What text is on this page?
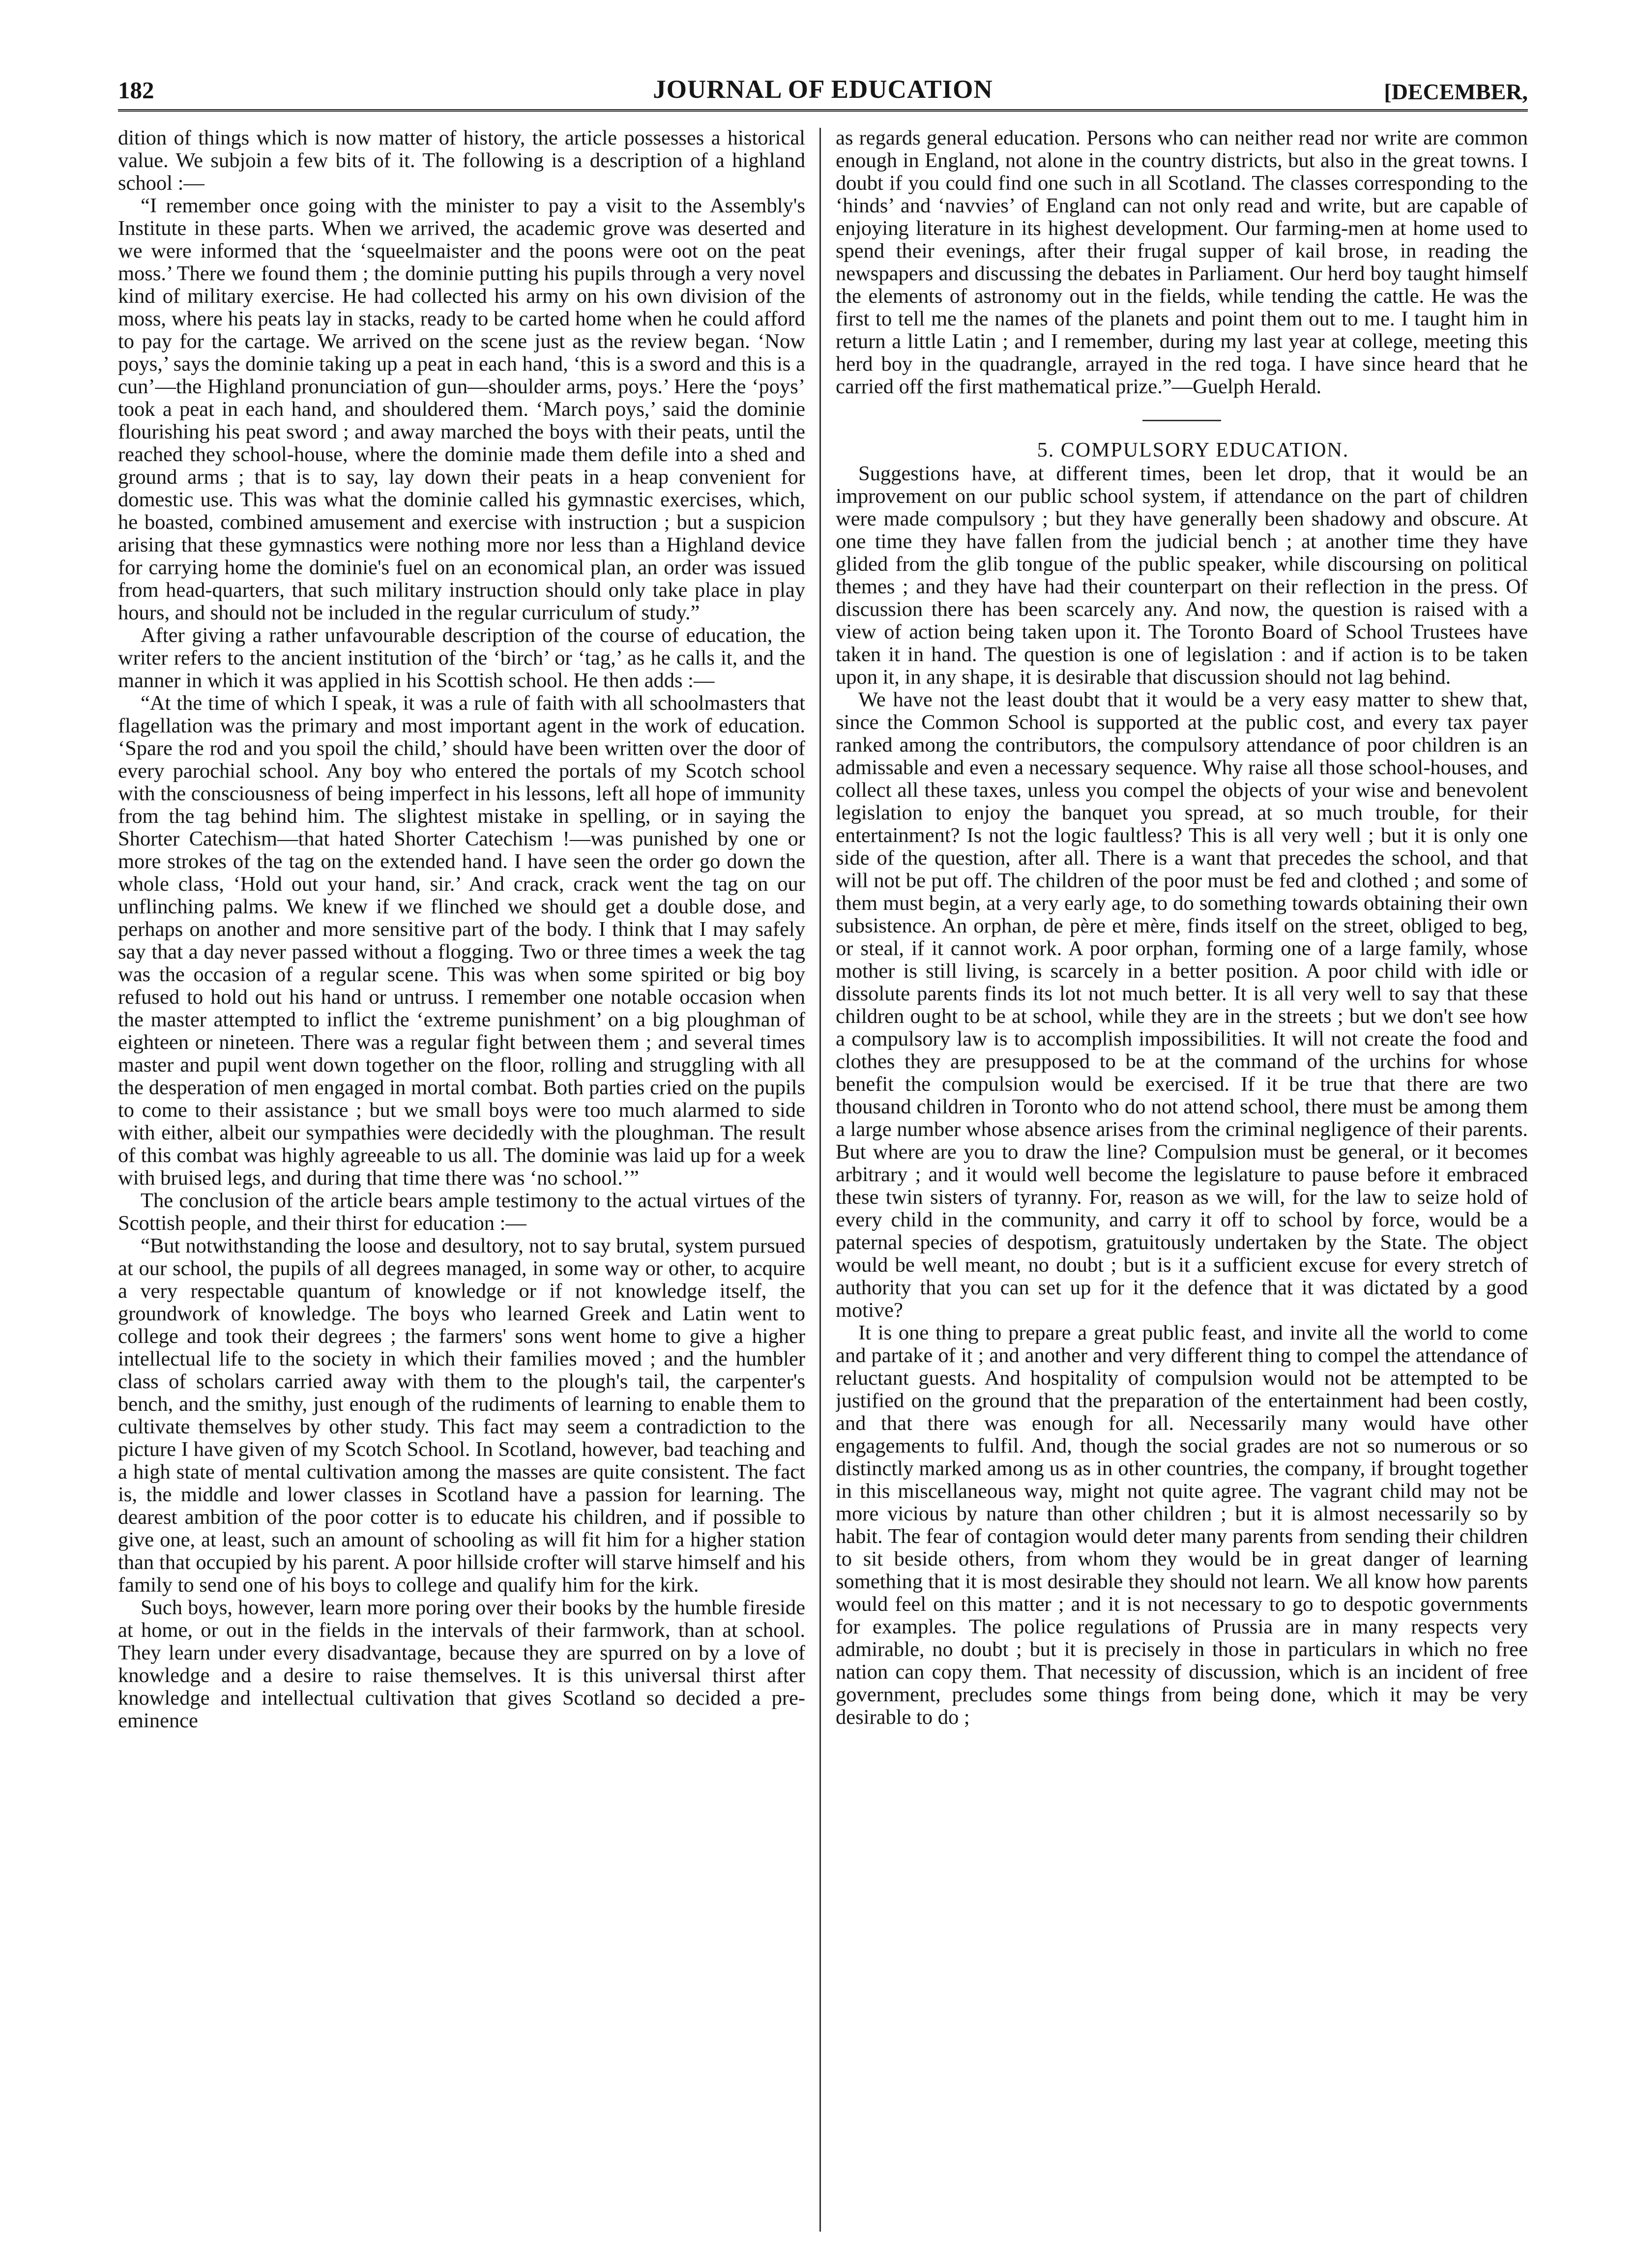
182	JOURNAL OF EDUCATION	[DECEMBER,

dition of things which is now matter of history, the article possesses a historical value. We subjoin a few bits of it. The following is a description of a highland school :—

“I remember once going with the minister to pay a visit to the Assembly's Institute in these parts. When we arrived, the academic grove was deserted and we were informed that the ‘squeelmaister and the poons were oot on the peat moss.’ There we found them ; the dominie putting his pupils through a very novel kind of military exercise. He had collected his army on his own division of the moss, where his peats lay in stacks, ready to be carted home when he could afford to pay for the cartage. We arrived on the scene just as the review began. ‘Now poys,’ says the dominie taking up a peat in each hand, ‘this is a sword and this is a cun’—the Highland pronunciation of gun—shoulder arms, poys.’ Here the ‘poys’ took a peat in each hand, and shouldered them. ‘March poys,’ said the dominie flourishing his peat sword ; and away marched the boys with their peats, until the reached they school-house, where the dominie made them defile into a shed and ground arms ; that is to say, lay down their peats in a heap convenient for domestic use. This was what the dominie called his gymnastic exercises, which, he boasted, combined amusement and exercise with instruction ; but a suspicion arising that these gymnastics were nothing more nor less than a Highland device for carrying home the dominie's fuel on an economical plan, an order was issued from head-quarters, that such military instruction should only take place in play hours, and should not be included in the regular curriculum of study.”

After giving a rather unfavourable description of the course of education, the writer refers to the ancient institution of the ‘birch’ or ‘tag,’ as he calls it, and the manner in which it was applied in his Scottish school. He then adds :—

“At the time of which I speak, it was a rule of faith with all schoolmasters that flagellation was the primary and most important agent in the work of education. ‘Spare the rod and you spoil the child,’ should have been written over the door of every parochial school. Any boy who entered the portals of my Scotch school with the consciousness of being imperfect in his lessons, left all hope of immunity from the tag behind him. The slightest mistake in spelling, or in saying the Shorter Catechism—that hated Shorter Catechism !—was punished by one or more strokes of the tag on the extended hand. I have seen the order go down the whole class, ‘Hold out your hand, sir.’ And crack, crack went the tag on our unflinching palms. We knew if we flinched we should get a double dose, and perhaps on another and more sensitive part of the body. I think that I may safely say that a day never passed without a flogging. Two or three times a week the tag was the occasion of a regular scene. This was when some spirited or big boy refused to hold out his hand or untruss. I remember one notable occasion when the master attempted to inflict the ‘extreme punishment’ on a big ploughman of eighteen or nineteen. There was a regular fight between them ; and several times master and pupil went down together on the floor, rolling and struggling with all the desperation of men engaged in mortal combat. Both parties cried on the pupils to come to their assistance ; but we small boys were too much alarmed to side with either, albeit our sympathies were decidedly with the ploughman. The result of this combat was highly agreeable to us all. The dominie was laid up for a week with bruised legs, and during that time there was ‘no school.’”

The conclusion of the article bears ample testimony to the actual virtues of the Scottish people, and their thirst for education :—

“But notwithstanding the loose and desultory, not to say brutal, system pursued at our school, the pupils of all degrees managed, in some way or other, to acquire a very respectable quantum of knowledge or if not knowledge itself, the groundwork of knowledge. The boys who learned Greek and Latin went to college and took their degrees ; the farmers' sons went home to give a higher intellectual life to the society in which their families moved ; and the humbler class of scholars carried away with them to the plough's tail, the carpenter's bench, and the smithy, just enough of the rudiments of learning to enable them to cultivate themselves by other study. This fact may seem a contradiction to the picture I have given of my Scotch School. In Scotland, however, bad teaching and a high state of mental cultivation among the masses are quite consistent. The fact is, the middle and lower classes in Scotland have a passion for learning. The dearest ambition of the poor cotter is to educate his children, and if possible to give one, at least, such an amount of schooling as will fit him for a higher station than that occupied by his parent. A poor hillside crofter will starve himself and his family to send one of his boys to college and qualify him for the kirk.

Such boys, however, learn more poring over their books by the humble fireside at home, or out in the fields in the intervals of their farmwork, than at school. They learn under every disadvantage, because they are spurred on by a love of knowledge and a desire to raise themselves. It is this universal thirst after knowledge and intellectual cultivation that gives Scotland so decided a pre-eminence

as regards general education. Persons who can neither read nor write are common enough in England, not alone in the country districts, but also in the great towns. I doubt if you could find one such in all Scotland. The classes corresponding to the ‘hinds’ and ‘navvies’ of England can not only read and write, but are capable of enjoying literature in its highest development. Our farming-men at home used to spend their evenings, after their frugal supper of kail brose, in reading the newspapers and discussing the debates in Parliament. Our herd boy taught himself the elements of astronomy out in the fields, while tending the cattle. He was the first to tell me the names of the planets and point them out to me. I taught him in return a little Latin ; and I remember, during my last year at college, meeting this herd boy in the quadrangle, arrayed in the red toga. I have since heard that he carried off the first mathematical prize.”—Guelph Herald.

5. COMPULSORY EDUCATION.

Suggestions have, at different times, been let drop, that it would be an improvement on our public school system, if attendance on the part of children were made compulsory ; but they have generally been shadowy and obscure. At one time they have fallen from the judicial bench ; at another time they have glided from the glib tongue of the public speaker, while discoursing on political themes ; and they have had their counterpart on their reflection in the press. Of discussion there has been scarcely any. And now, the question is raised with a view of action being taken upon it. The Toronto Board of School Trustees have taken it in hand. The question is one of legislation : and if action is to be taken upon it, in any shape, it is desirable that discussion should not lag behind.

We have not the least doubt that it would be a very easy matter to shew that, since the Common School is supported at the public cost, and every tax payer ranked among the contributors, the compulsory attendance of poor children is an admissable and even a necessary sequence. Why raise all those school-houses, and collect all these taxes, unless you compel the objects of your wise and benevolent legislation to enjoy the banquet you spread, at so much trouble, for their entertainment? Is not the logic faultless? This is all very well ; but it is only one side of the question, after all. There is a want that precedes the school, and that will not be put off. The children of the poor must be fed and clothed ; and some of them must begin, at a very early age, to do something towards obtaining their own subsistence. An orphan, de père et mère, finds itself on the street, obliged to beg, or steal, if it cannot work. A poor orphan, forming one of a large family, whose mother is still living, is scarcely in a better position. A poor child with idle or dissolute parents finds its lot not much better. It is all very well to say that these children ought to be at school, while they are in the streets ; but we don't see how a compulsory law is to accomplish impossibilities. It will not create the food and clothes they are presupposed to be at the command of the urchins for whose benefit the compulsion would be exercised. If it be true that there are two thousand children in Toronto who do not attend school, there must be among them a large number whose absence arises from the criminal negligence of their parents. But where are you to draw the line? Compulsion must be general, or it becomes arbitrary ; and it would well become the legislature to pause before it embraced these twin sisters of tyranny. For, reason as we will, for the law to seize hold of every child in the community, and carry it off to school by force, would be a paternal species of despotism, gratuitously undertaken by the State. The object would be well meant, no doubt ; but is it a sufficient excuse for every stretch of authority that you can set up for it the defence that it was dictated by a good motive?

It is one thing to prepare a great public feast, and invite all the world to come and partake of it ; and another and very different thing to compel the attendance of reluctant guests. And hospitality of compulsion would not be attempted to be justified on the ground that the preparation of the entertainment had been costly, and that there was enough for all. Necessarily many would have other engagements to fulfil. And, though the social grades are not so numerous or so distinctly marked among us as in other countries, the company, if brought together in this miscellaneous way, might not quite agree. The vagrant child may not be more vicious by nature than other children ; but it is almost necessarily so by habit. The fear of contagion would deter many parents from sending their children to sit beside others, from whom they would be in great danger of learning something that it is most desirable they should not learn. We all know how parents would feel on this matter ; and it is not necessary to go to despotic governments for examples. The police regulations of Prussia are in many respects very admirable, no doubt ; but it is precisely in those in particulars in which no free nation can copy them. That necessity of discussion, which is an incident of free government, precludes some things from being done, which it may be very desirable to do ;
